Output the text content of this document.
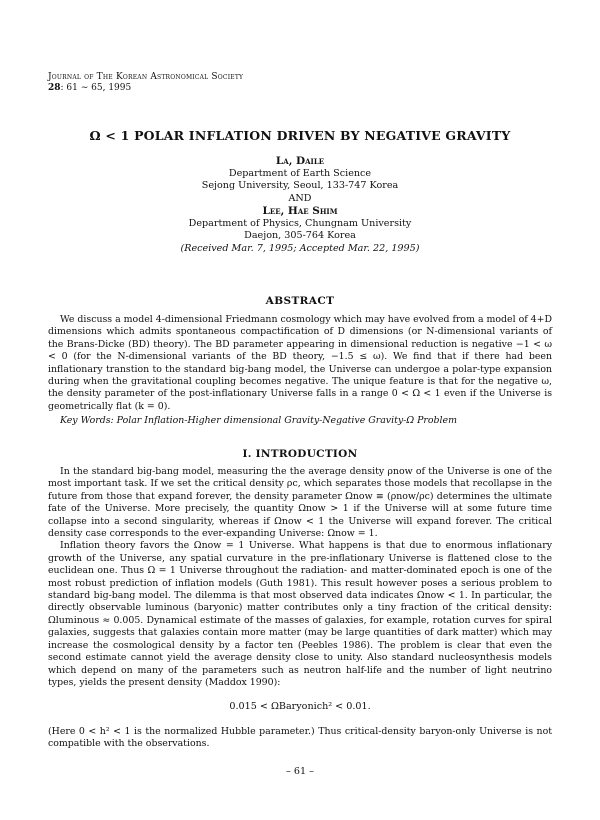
Journal of The Korean Astronomical Society
28: 61 ∼ 65, 1995
Ω < 1 POLAR INFLATION DRIVEN BY NEGATIVE GRAVITY
La, Daile
Department of Earth Science
Sejong University, Seoul, 133-747 Korea
AND
Lee, Hae Shim
Department of Physics, Chungnam University
Daejon, 305-764 Korea
(Received Mar. 7, 1995; Accepted Mar. 22, 1995)
ABSTRACT
We discuss a model 4-dimensional Friedmann cosmology which may have evolved from a model of 4+D dimensions which admits spontaneous compactification of D dimensions (or N-dimensional variants of the Brans-Dicke (BD) theory). The BD parameter appearing in dimensional reduction is negative −1 < ω < 0 (for the N-dimensional variants of the BD theory, −1.5 ≤ ω). We find that if there had been inflationary transtion to the standard big-bang model, the Universe can undergoe a polar-type expansion during when the gravitational coupling becomes negative. The unique feature is that for the negative ω, the density parameter of the post-inflationary Universe falls in a range 0 < Ω < 1 even if the Universe is geometrically flat (k = 0).
Key Words: Polar Inflation-Higher dimensional Gravity-Negative Gravity-Ω Problem
I. INTRODUCTION

In the standard big-bang model, measuring the the average density ρnow of the Universe is one of the most important task. If we set the critical density ρc, which separates those models that recollapse in the future from those that expand forever, the density parameter Ωnow ≡ (ρnow/ρc) determines the ultimate fate of the Universe. More precisely, the quantity Ωnow > 1 if the Universe will at some future time collapse into a second singularity, whereas if Ωnow < 1 the Universe will expand forever. The critical density case corresponds to the ever-expanding Universe: Ωnow = 1.

Inflation theory favors the Ωnow = 1 Universe. What happens is that due to enormous inflationary growth of the Universe, any spatial curvature in the pre-inflationary Universe is flattened close to the euclidean one. Thus Ω = 1 Universe throughout the radiation- and matter-dominated epoch is one of the most robust prediction of inflation models (Guth 1981). This result however poses a serious problem to standard big-bang model. The dilemma is that most observed data indicates Ωnow < 1. In particular, the directly observable luminous (baryonic) matter contributes only a tiny fraction of the critical density: Ωluminous ≈ 0.005. Dynamical estimate of the masses of galaxies, for example, rotation curves for spiral galaxies, suggests that galaxies contain more matter (may be large quantities of dark matter) which may increase the cosmological density by a factor ten (Peebles 1986). The problem is clear that even the second estimate cannot yield the average density close to unity. Also standard nucleosynthesis models which depend on many of the parameters such as neutron half-life and the number of light neutrino types, yields the present density (Maddox 1990):

0.015 < ΩBaryonich² < 0.01.

(Here 0 < h² < 1 is the normalized Hubble parameter.) Thus critical-density baryon-only Universe is not compatible with the observations.

– 61 –
